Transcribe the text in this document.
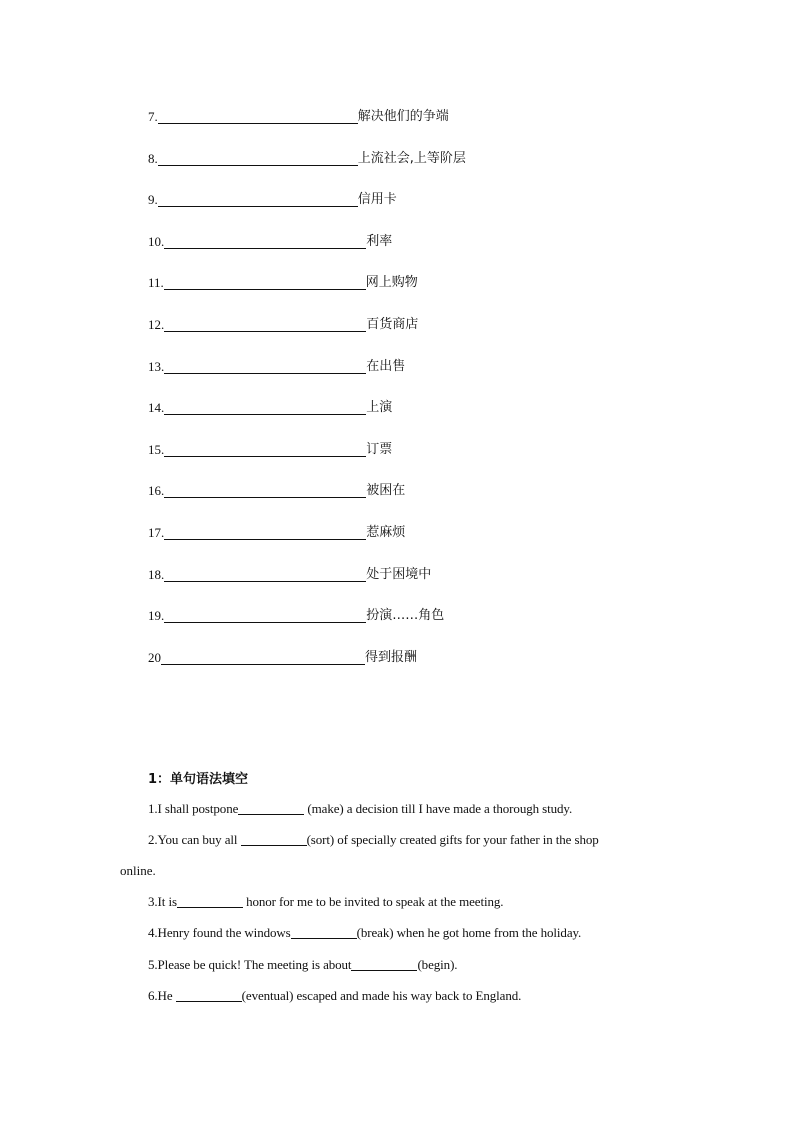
7.	解决他们的争端
8.	上流社会,上等阶层
9.	信用卡
10.	利率
11.	网上购物
12.	百货商店
13.	在出售
14.	上演
15.	订票
16.	被困在
17.	惹麻烦
18.	处于困境中
19.	扮演……角色
20	得到报酬
1：单句语法填空
1.I shall postpone	(make) a decision till I have made a thorough study.
2.You can buy all	(sort) of specially created gifts for your father in the shop
3.It is	honor for me to be invited to speak at the meeting.
4.Henry found the windows	(break) when he got home from the holiday.
5.Please be quick! The meeting is about	(begin).
6.He	(eventual) escaped and made his way back to England.
online.
